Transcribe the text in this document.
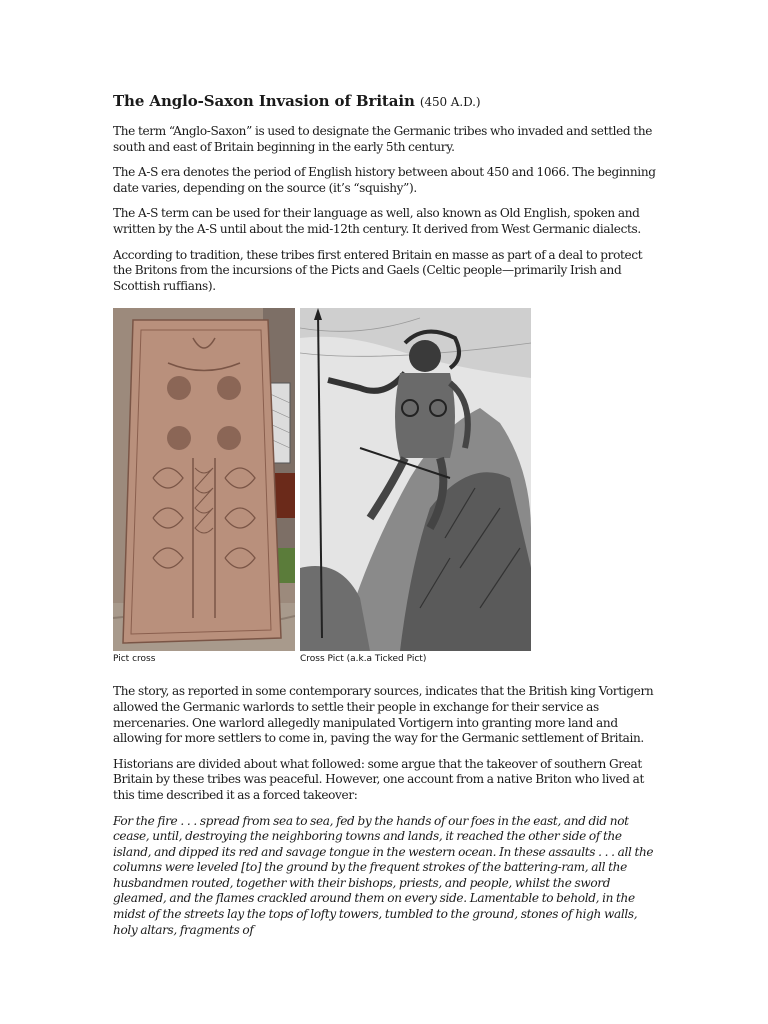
The Anglo-Saxon Invasion of Britain (450 A.D.)

The term “Anglo-Saxon” is used to designate the Germanic tribes who invaded and settled the south and east of Britain beginning in the early 5th century.

The A-S era denotes the period of English history between about 450 and 1066. The beginning date varies, depending on the source (it’s “squishy”).

The A-S term can be used for their language as well, also known as Old English, spoken and written by the A-S until about the mid-12th century. It derived from West Germanic dialects.

According to tradition, these tribes first entered Britain en masse as part of a deal to protect the Britons from the incursions of the Picts and Gaels (Celtic people—primarily Irish and Scottish ruffians).

Pict cross	Cross Pict (a.k.a Ticked Pict)

The story, as reported in some contemporary sources, indicates that the British king Vortigern allowed the Germanic warlords to settle their people in exchange for their service as mercenaries. One warlord allegedly manipulated Vortigern into granting more land and allowing for more settlers to come in, paving the way for the Germanic settlement of Britain.

Historians are divided about what followed: some argue that the takeover of southern Great Britain by these tribes was peaceful. However, one account from a native Briton who lived at this time described it as a forced takeover:

For the fire . . . spread from sea to sea, fed by the hands of our foes in the east, and did not cease, until, destroying the neighboring towns and lands, it reached the other side of the island, and dipped its red and savage tongue in the western ocean. In these assaults . . . all the columns were leveled [to] the ground by the frequent strokes of the battering-ram, all the husbandmen routed, together with their bishops, priests, and people, whilst the sword gleamed, and the flames crackled around them on every side. Lamentable to behold, in the midst of the streets lay the tops of lofty towers, tumbled to the ground, stones of high walls, holy altars, fragments of
